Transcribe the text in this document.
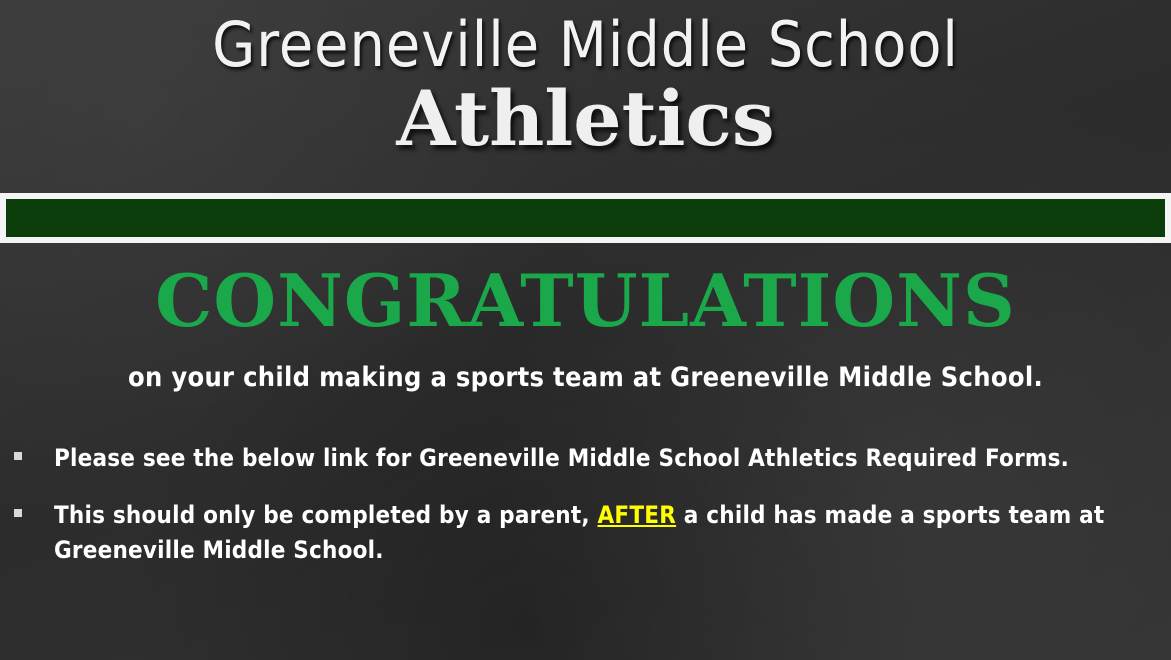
Greeneville Middle School
Athletics
CONGRATULATIONS
on your child making a sports team at Greeneville Middle School.
Please see the below link for Greeneville Middle School Athletics Required Forms.
This should only be completed by a parent, AFTER a child has made a sports team at Greeneville Middle School.
